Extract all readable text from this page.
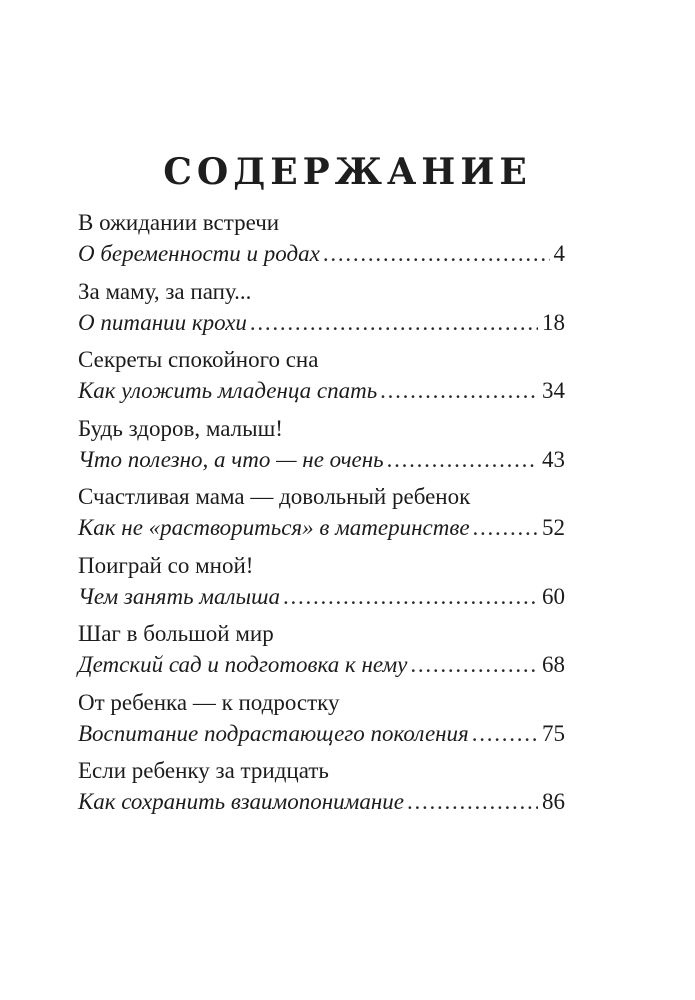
СОДЕРЖАНИЕ
В ожидании встречи
О беременности и родах . . .	4
За маму, за папу...
О питании крохи . . .	18
Секреты спокойного сна
Как уложить младенца спать . . .	34
Будь здоров, малыш!
Что полезно, а что — не очень . . .	43
Счастливая мама — довольный ребенок
Как не «раствориться» в материнстве . . .	52
Поиграй со мной!
Чем занять малыша . . .	60
Шаг в большой мир
Детский сад и подготовка к нему . . .	68
От ребенка — к подростку
Воспитание подрастающего поколения . . .	75
Если ребенку за тридцать
Как сохранить взаимопонимание . . .	86
